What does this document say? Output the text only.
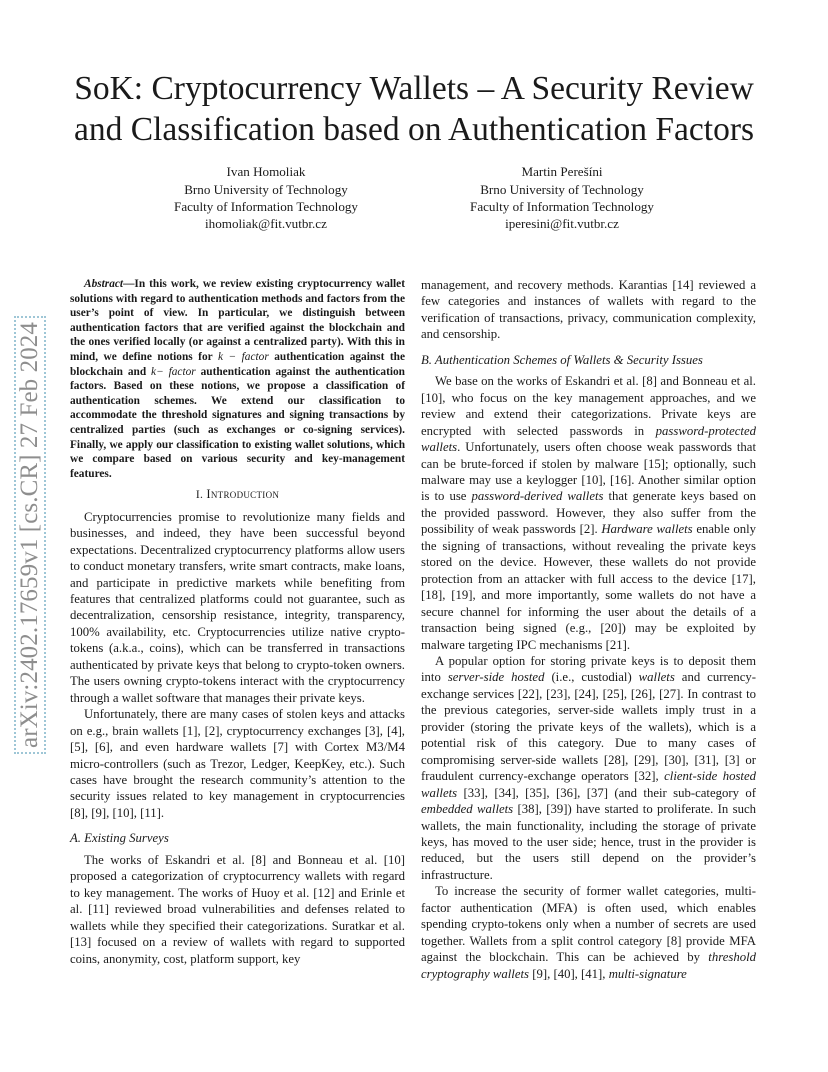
SoK: Cryptocurrency Wallets – A Security Review
and Classification based on Authentication Factors
Ivan Homoliak
Brno University of Technology
Faculty of Information Technology
ihomoliak@fit.vutbr.cz
Martin Perešíni
Brno University of Technology
Faculty of Information Technology
iperesini@fit.vutbr.cz
arXiv:2402.17659v1 [cs.CR] 27 Feb 2024

Abstract—In this work, we review existing cryptocurrency wallet solutions with regard to authentication methods and factors from the user’s point of view. In particular, we distinguish between authentication factors that are verified against the blockchain and the ones verified locally (or against a centralized party). With this in mind, we define notions for k − factor authentication against the blockchain and k− factor authentication against the authentication factors. Based on these notions, we propose a classification of authentication schemes. We extend our classification to accommodate the threshold signatures and signing transactions by centralized parties (such as exchanges or co-signing services). Finally, we apply our classification to existing wallet solutions, which we compare based on various security and key-management features.

I. Introduction

Cryptocurrencies promise to revolutionize many fields and businesses, and indeed, they have been successful beyond expectations. Decentralized cryptocurrency platforms allow users to conduct monetary transfers, write smart contracts, make loans, and participate in predictive markets while benefiting from features that centralized platforms could not guarantee, such as decentralization, censorship resistance, integrity, transparency, 100% availability, etc. Cryptocurrencies utilize native crypto-tokens (a.k.a., coins), which can be transferred in transactions authenticated by private keys that belong to crypto-token owners. The users owning crypto-tokens interact with the cryptocurrency through a wallet software that manages their private keys.

Unfortunately, there are many cases of stolen keys and attacks on e.g., brain wallets [1], [2], cryptocurrency exchanges [3], [4], [5], [6], and even hardware wallets [7] with Cortex M3/M4 micro-controllers (such as Trezor, Ledger, KeepKey, etc.). Such cases have brought the research community’s attention to the security issues related to key management in cryptocurrencies [8], [9], [10], [11].

A. Existing Surveys

The works of Eskandri et al. [8] and Bonneau et al. [10] proposed a categorization of cryptocurrency wallets with regard to key management. The works of Huoy et al. [12] and Erinle et al. [11] reviewed broad vulnerabilities and defenses related to wallets while they specified their categorizations. Suratkar et al. [13] focused on a review of wallets with regard to supported coins, anonymity, cost, platform support, key

management, and recovery methods. Karantias [14] reviewed a few categories and instances of wallets with regard to the verification of transactions, privacy, communication complexity, and censorship.

B. Authentication Schemes of Wallets & Security Issues

We base on the works of Eskandri et al. [8] and Bonneau et al. [10], who focus on the key management approaches, and we review and extend their categorizations. Private keys are encrypted with selected passwords in password-protected wallets. Unfortunately, users often choose weak passwords that can be brute-forced if stolen by malware [15]; optionally, such malware may use a keylogger [10], [16]. Another similar option is to use password-derived wallets that generate keys based on the provided password. However, they also suffer from the possibility of weak passwords [2]. Hardware wallets enable only the signing of transactions, without revealing the private keys stored on the device. However, these wallets do not provide protection from an attacker with full access to the device [17], [18], [19], and more importantly, some wallets do not have a secure channel for informing the user about the details of a transaction being signed (e.g., [20]) may be exploited by malware targeting IPC mechanisms [21].

A popular option for storing private keys is to deposit them into server-side hosted (i.e., custodial) wallets and currency-exchange services [22], [23], [24], [25], [26], [27]. In contrast to the previous categories, server-side wallets imply trust in a provider (storing the private keys of the wallets), which is a potential risk of this category. Due to many cases of compromising server-side wallets [28], [29], [30], [31], [3] or fraudulent currency-exchange operators [32], client-side hosted wallets [33], [34], [35], [36], [37] (and their sub-category of embedded wallets [38], [39]) have started to proliferate. In such wallets, the main functionality, including the storage of private keys, has moved to the user side; hence, trust in the provider is reduced, but the users still depend on the provider’s infrastructure.

To increase the security of former wallet categories, multi-factor authentication (MFA) is often used, which enables spending crypto-tokens only when a number of secrets are used together. Wallets from a split control category [8] provide MFA against the blockchain. This can be achieved by threshold cryptography wallets [9], [40], [41], multi-signature
